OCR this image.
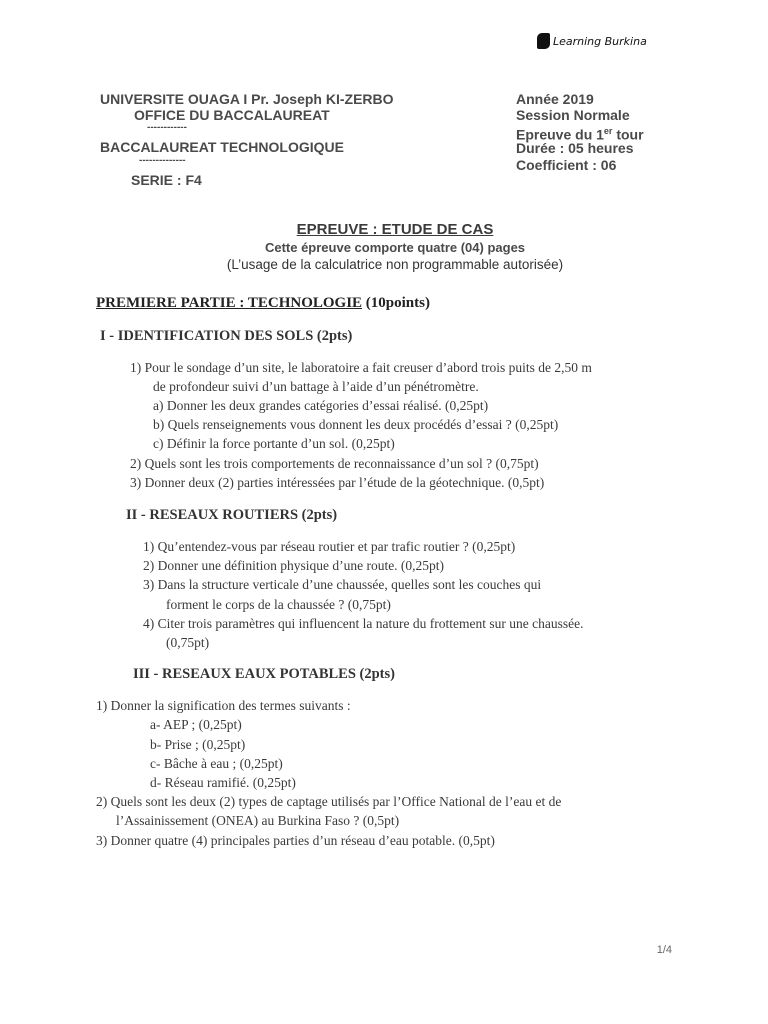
Learning Burkina
UNIVERSITE OUAGA I Pr. Joseph KI-ZERBO
OFFICE DU BACCALAUREAT
------------
BACCALAUREAT TECHNOLOGIQUE
--------------
SERIE : F4
Année 2019
Session Normale
Epreuve du 1er tour
Durée : 05 heures
Coefficient : 06
EPREUVE : ETUDE DE CAS
Cette épreuve comporte quatre (04) pages
(L’usage de la calculatrice non programmable autorisée)
PREMIERE PARTIE : TECHNOLOGIE (10points)
I - IDENTIFICATION DES SOLS (2pts)
1) Pour le sondage d’un site, le laboratoire a fait creuser d’abord trois puits de 2,50 m
de profondeur suivi d’un battage à l’aide d’un pénétromètre.
a) Donner les deux grandes catégories d’essai réalisé. (0,25pt)
b) Quels renseignements vous donnent les deux procédés d’essai ? (0,25pt)
c) Définir la force portante d’un sol. (0,25pt)
2) Quels sont les trois comportements de reconnaissance d’un sol ? (0,75pt)
3) Donner deux (2) parties intéressées par l’étude de la géotechnique. (0,5pt)
II - RESEAUX ROUTIERS (2pts)
1) Qu’entendez-vous par réseau routier et par trafic routier ? (0,25pt)
2) Donner une définition physique d’une route. (0,25pt)
3) Dans la structure verticale d’une chaussée, quelles sont les couches qui
forment le corps de la chaussée ? (0,75pt)
4) Citer trois paramètres qui influencent la nature du frottement sur une chaussée.
(0,75pt)
III - RESEAUX EAUX POTABLES (2pts)
1) Donner la signification des termes suivants :
a- AEP ; (0,25pt)
b- Prise ; (0,25pt)
c- Bâche à eau ; (0,25pt)
d- Réseau ramifié. (0,25pt)
2) Quels sont les deux (2) types de captage utilisés par l’Office National de l’eau et de
l’Assainissement (ONEA) au Burkina Faso ? (0,5pt)
3) Donner quatre (4) principales parties d’un réseau d’eau potable. (0,5pt)
1/4
